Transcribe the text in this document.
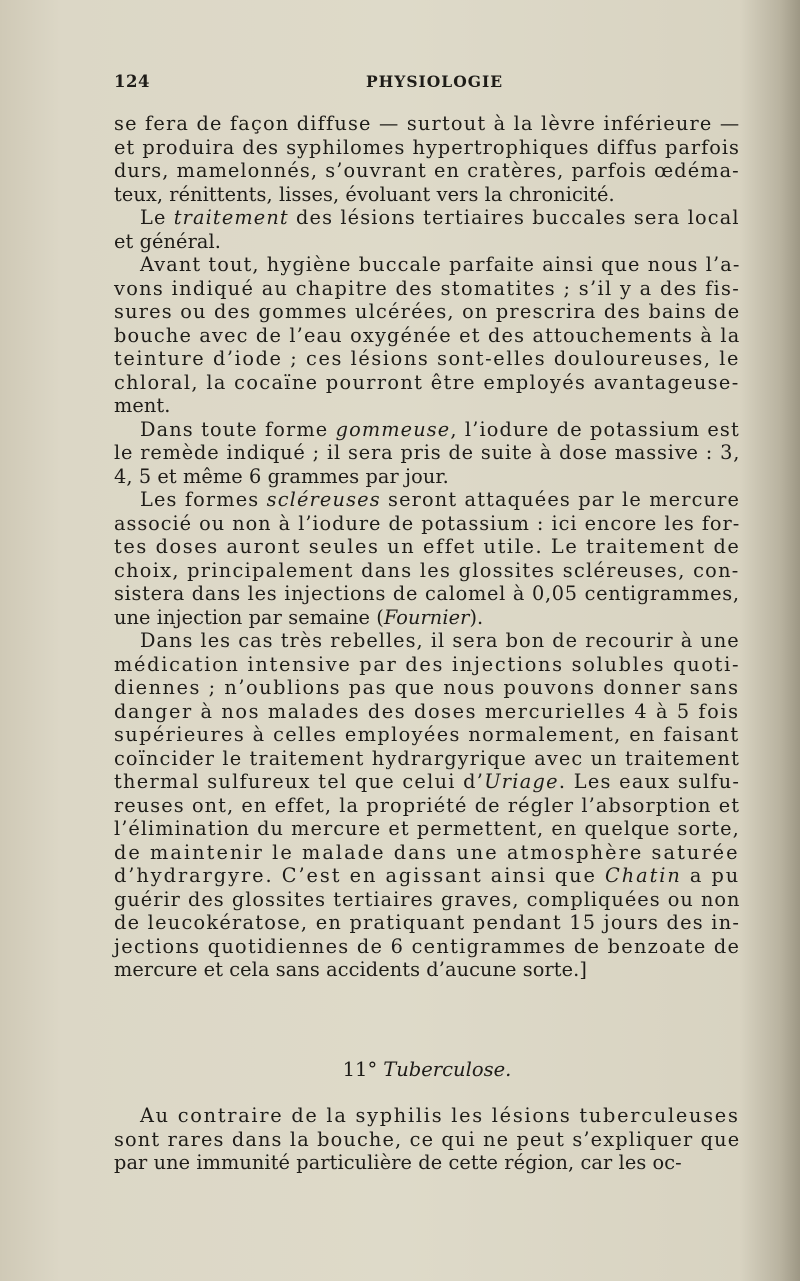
124	PHYSIOLOGIE
se fera de façon diffuse — surtout à la lèvre inférieure —
et produira des syphilomes hypertrophiques diffus parfois
durs, mamelonnés, s’ouvrant en cratères, parfois œdéma-
teux, rénittents, lisses, évoluant vers la chronicité.
Le traitement des lésions tertiaires buccales sera local
et général.
Avant tout, hygiène buccale parfaite ainsi que nous l’a-
vons indiqué au chapitre des stomatites ; s’il y a des fis-
sures ou des gommes ulcérées, on prescrira des bains de
bouche avec de l’eau oxygénée et des attouchements à la
teinture d’iode ; ces lésions sont-elles douloureuses, le
chloral, la cocaïne pourront être employés avantageuse-
ment.
Dans toute forme gommeuse, l’iodure de potassium est
le remède indiqué ; il sera pris de suite à dose massive : 3,
4, 5 et même 6 grammes par jour.
Les formes scléreuses seront attaquées par le mercure
associé ou non à l’iodure de potassium : ici encore les for-
tes doses auront seules un effet utile. Le traitement de
choix, principalement dans les glossites scléreuses, con-
sistera dans les injections de calomel à 0,05 centigrammes,
une injection par semaine (Fournier).
Dans les cas très rebelles, il sera bon de recourir à une
médication intensive par des injections solubles quoti-
diennes ; n’oublions pas que nous pouvons donner sans
danger à nos malades des doses mercurielles 4 à 5 fois
supérieures à celles employées normalement, en faisant
coïncider le traitement hydrargyrique avec un traitement
thermal sulfureux tel que celui d’Uriage. Les eaux sulfu-
reuses ont, en effet, la propriété de régler l’absorption et
l’élimination du mercure et permettent, en quelque sorte,
de maintenir le malade dans une atmosphère saturée
d’hydrargyre. C’est en agissant ainsi que Chatin a pu
guérir des glossites tertiaires graves, compliquées ou non
de leucokératose, en pratiquant pendant 15 jours des in-
jections quotidiennes de 6 centigrammes de benzoate de
mercure et cela sans accidents d’aucune sorte.]
11° Tuberculose.
Au contraire de la syphilis les lésions tuberculeuses
sont rares dans la bouche, ce qui ne peut s’expliquer que
par une immunité particulière de cette région, car les oc-
